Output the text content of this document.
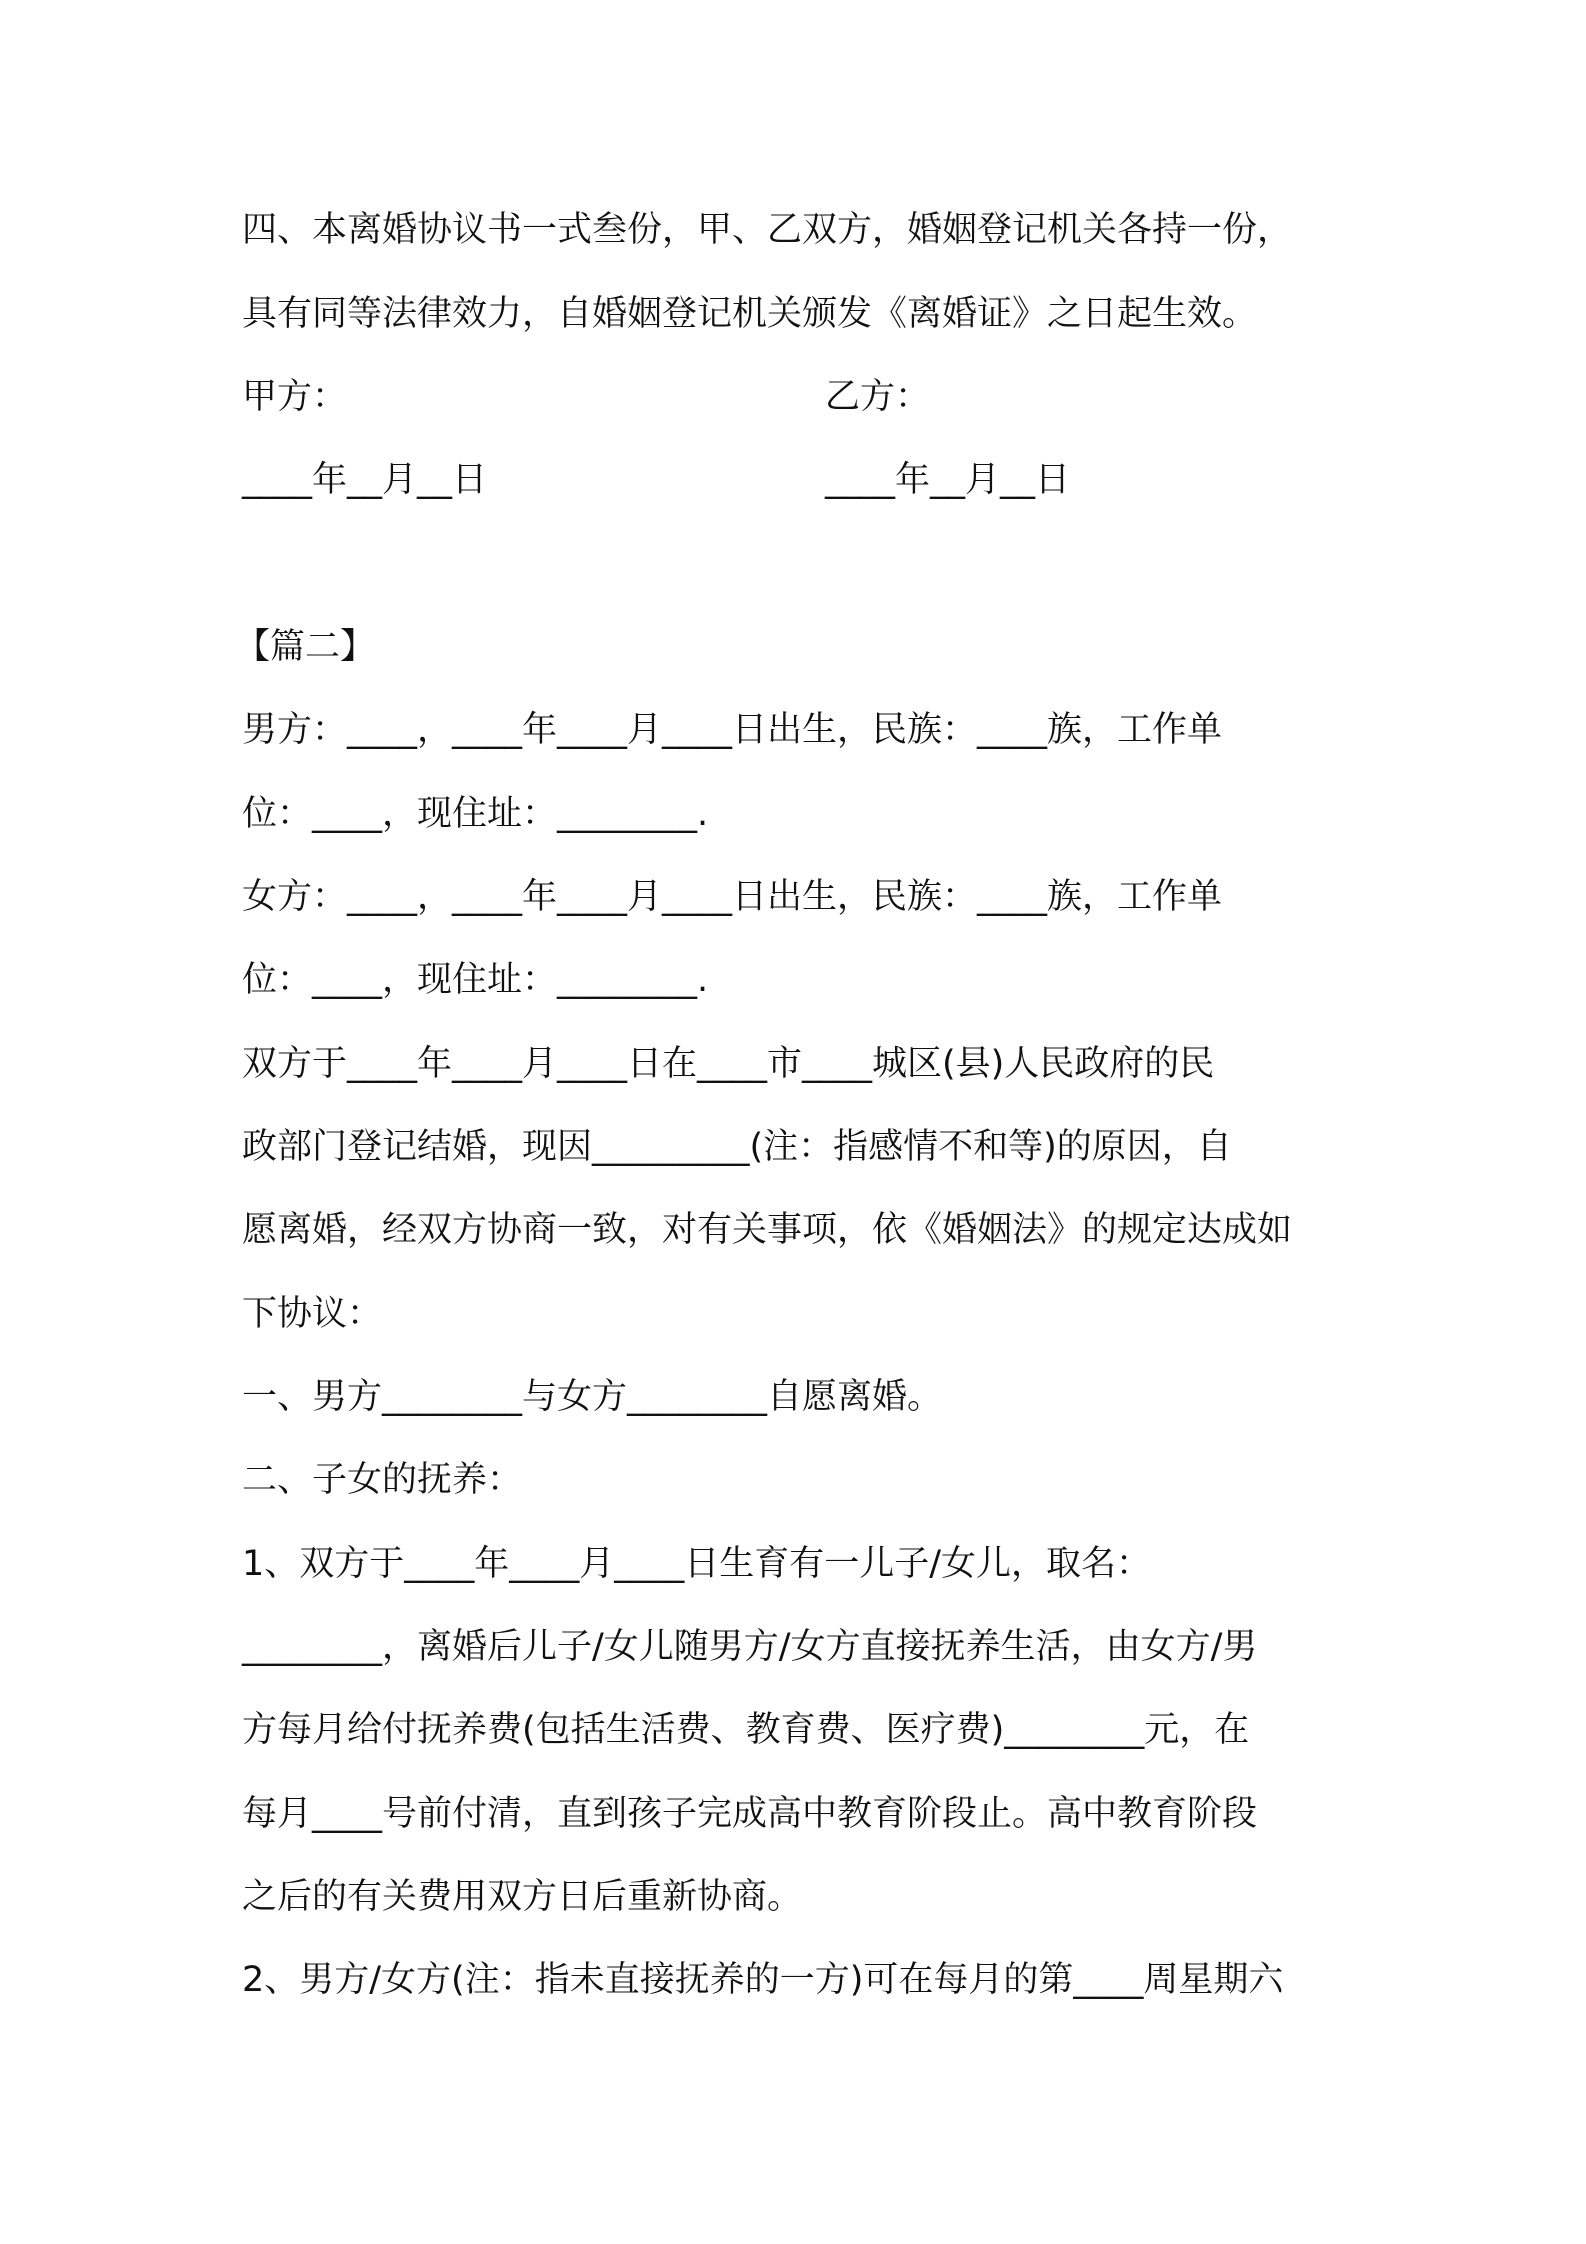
四、本离婚协议书一式叁份，甲、乙双方，婚姻登记机关各持一份，

具有同等法律效力，自婚姻登记机关颁发《离婚证》之日起生效。

甲方：	乙方：

____年__月__日	____年__月__日

【篇二】

男方：____，____年____月____日出生，民族：____族，工作单

位：____，现住址：________.

女方：____，____年____月____日出生，民族：____族，工作单

位：____，现住址：________.

双方于____年____月____日在____市____城区(县)人民政府的民

政部门登记结婚，现因_________(注：指感情不和等)的原因，自

愿离婚，经双方协商一致，对有关事项，依《婚姻法》的规定达成如

下协议：

一、男方________与女方________自愿离婚。

二、子女的抚养：

1、双方于____年____月____日生育有一儿子/女儿，取名：

________，离婚后儿子/女儿随男方/女方直接抚养生活，由女方/男

方每月给付抚养费(包括生活费、教育费、医疗费)________元，在

每月____号前付清，直到孩子完成高中教育阶段止。高中教育阶段

之后的有关费用双方日后重新协商。

2、男方/女方(注：指未直接抚养的一方)可在每月的第____周星期六
